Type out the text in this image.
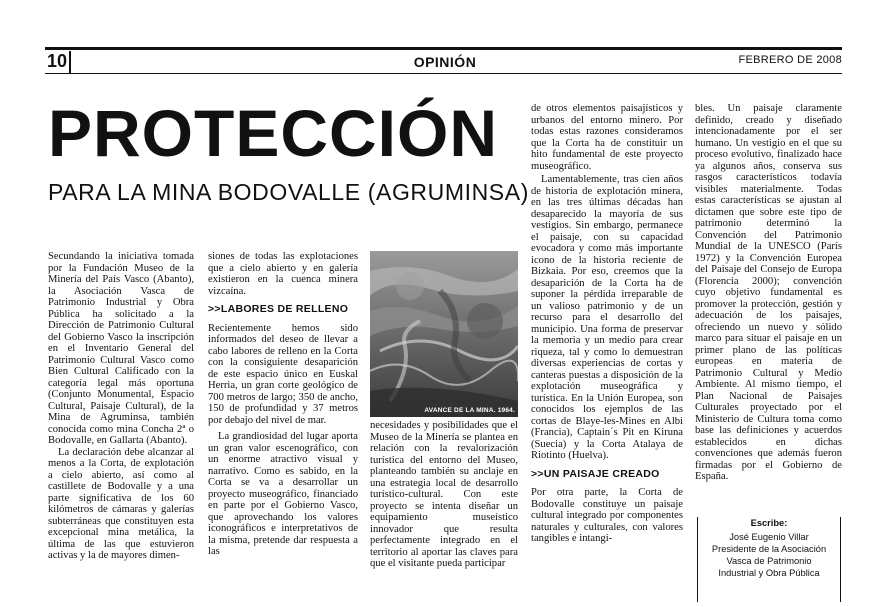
10	OPINIÓN	FEBRERO DE 2008
PROTECCIÓN
PARA LA MINA BODOVALLE (AGRUMINSA)

Secundando la iniciativa tomada por la Fundación Museo de la Minería del País Vasco (Abanto), la Asociación Vasca de Patrimonio Industrial y Obra Pública ha solicitado a la Dirección de Patrimonio Cultural del Gobierno Vasco la inscripción en el Inventario General del Patrimonio Cultural Vasco como Bien Cultural Calificado con la categoría legal más oportuna (Conjunto Monumental, Espacio Cultural, Paisaje Cultural), de la Mina de Agruminsa, también conocida como mina Concha 2ª o Bodovalle, en Gallarta (Abanto).

La declaración debe alcanzar al menos a la Corta, de explotación a cielo abierto, así como al castillete de Bodovalle y a una parte significativa de los 60 kilómetros de cámaras y galerías subterráneas que constituyen esta excepcional mina metálica, la última de las que estuvieron activas y la de mayores dimen-

siones de todas las explotaciones que a cielo abierto y en galería existieron en la cuenca minera vizcaína.

>>LABORES DE RELLENO

Recientemente hemos sido informados del deseo de llevar a cabo labores de relleno en la Corta con la consiguiente desaparición de este espacio único en Euskal Herria, un gran corte geológico de 700 metros de largo; 350 de ancho, 150 de profundidad y 37 metros por debajo del nivel de mar.

La grandiosidad del lugar aporta un gran valor escenográfico, con un enorme atractivo visual y narrativo. Como es sabido, en la Corta se va a desarrollar un proyecto museográfico, financiado en parte por el Gobierno Vasco, que aprovechando los valores iconográficos e interpretativos de la misma, pretende dar respuesta a las

AVANCE DE LA MINA. 1964.

necesidades y posibilidades que el Museo de la Minería se plantea en relación con la revalorización turística del entorno del Museo, planteando también su anclaje en una estrategia local de desarrollo turístico-cultural. Con este proyecto se intenta diseñar un equipamiento museístico innovador que resulta perfectamente integrado en el territorio al aportar las claves para que el visitante pueda participar

de otros elementos paisajísticos y urbanos del entorno minero. Por todas estas razones consideramos que la Corta ha de constituir un hito fundamental de este proyecto museográfico.

Lamentablemente, tras cien años de historia de explotación minera, en las tres últimas décadas han desaparecido la mayoría de sus vestigios. Sin embargo, permanece el paisaje, con su capacidad evocadora y como más importante icono de la historia reciente de Bizkaia. Por eso, creemos que la desaparición de la Corta ha de suponer la pérdida irreparable de un valioso patrimonio y de un recurso para el desarrollo del municipio. Una forma de preservar la memoria y un medio para crear riqueza, tal y como lo demuestran diversas experiencias de cortas y canteras puestas a disposición de la explotación museográfica y turística. En la Unión Europea, son conocidos los ejemplos de las cortas de Blaye-les-Mines en Albi (Francia), Captain´s Pit en Kiruna (Suecia) y la Corta Atalaya de Riotinto (Huelva).

>>UN PAISAJE CREADO

Por otra parte, la Corta de Bodovalle constituye un paisaje cultural integrado por componentes naturales y culturales, con valores tangibles e intangi-

bles. Un paisaje claramente definido, creado y diseñado intencionadamente por el ser humano. Un vestigio en el que su proceso evolutivo, finalizado hace ya algunos años, conserva sus rasgos característicos todavía visibles materialmente. Todas estas características se ajustan al dictamen que sobre este tipo de patrimonio determinó la Convención del Patrimonio Mundial de la UNESCO (París 1972) y la Convención Europea del Paisaje del Consejo de Europa (Florencia 2000); convención cuyo objetivo fundamental es promover la protección, gestión y adecuación de los paisajes, ofreciendo un nuevo y sólido marco para situar el paisaje en un primer plano de las políticas europeas en materia de Patrimonio Cultural y Medio Ambiente. Al mismo tiempo, el Plan Nacional de Paisajes Culturales proyectado por el Ministerio de Cultura toma como base las definiciones y acuerdos establecidos en dichas convenciones que además fueron firmadas por el Gobierno de España.

Escribe:
José Eugenio Villar
Presidente de la Asociación
Vasca de Patrimonio
Industrial y Obra Pública
